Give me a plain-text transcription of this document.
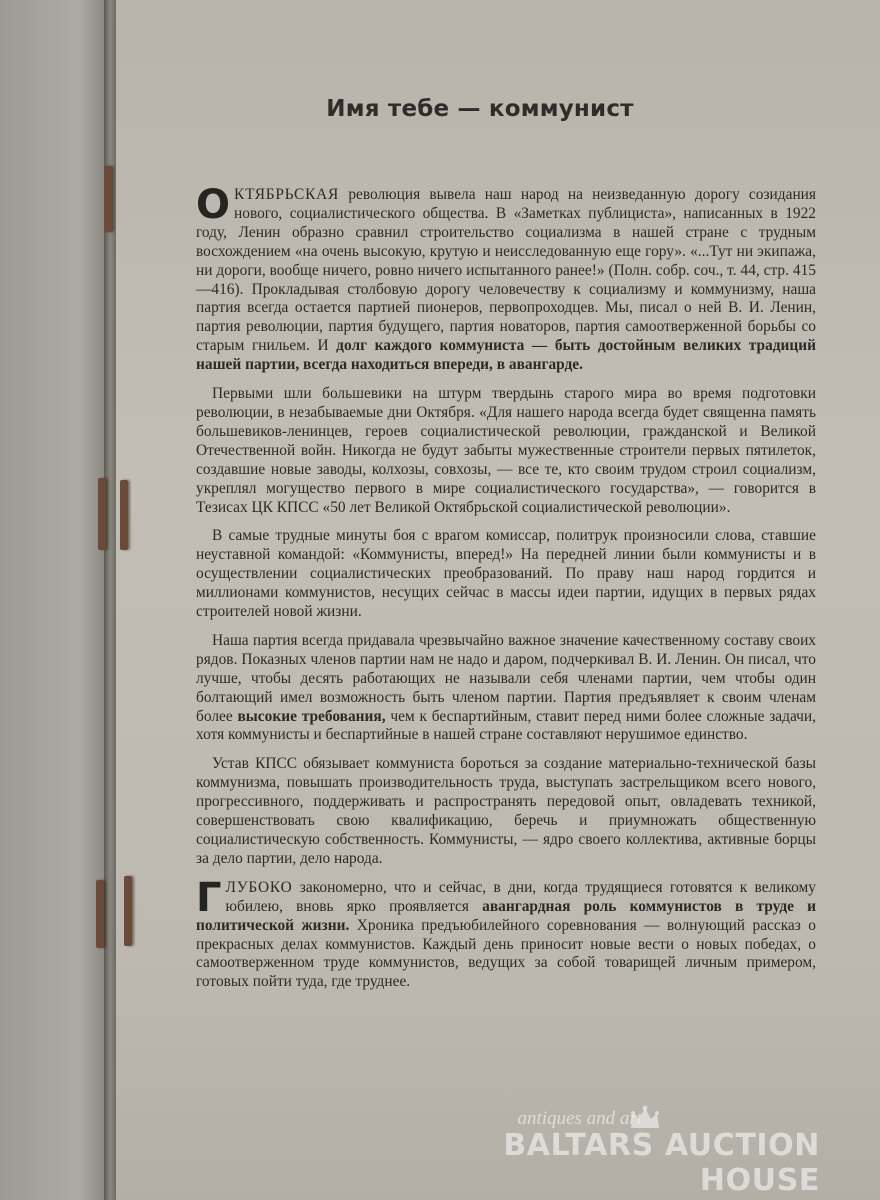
Имя тебе — коммунист

ОКТЯБРЬСКАЯ революция вывела наш народ на неизведанную дорогу созидания нового, социалистического общества. В «Заметках публициста», написанных в 1922 году, Ленин образно сравнил строительство социализма в нашей стране с трудным восхождением «на очень высокую, крутую и неисследованную еще гору». «...Тут ни экипажа, ни дороги, вообще ничего, ровно ничего испытанного ранее!» (Полн. собр. соч., т. 44, стр. 415—416). Прокладывая столбовую дорогу человечеству к социализму и коммунизму, наша партия всегда остается партией пионеров, первопроходцев. Мы, писал о ней В. И. Ленин, партия революции, партия будущего, партия новаторов, партия самоотверженной борьбы со старым гнильем. И долг каждого коммуниста — быть достойным великих традиций нашей партии, всегда находиться впереди, в авангарде.

Первыми шли большевики на штурм твердынь старого мира во время подготовки революции, в незабываемые дни Октября. «Для нашего народа всегда будет священна память большевиков-ленинцев, героев социалистической революции, гражданской и Великой Отечественной войн. Никогда не будут забыты мужественные строители первых пятилеток, создавшие новые заводы, колхозы, совхозы, — все те, кто своим трудом строил социализм, укреплял могущество первого в мире социалистического государства», — говорится в Тезисах ЦК КПСС «50 лет Великой Октябрьской социалистической революции».

В самые трудные минуты боя с врагом комиссар, политрук произносили слова, ставшие неуставной командой: «Коммунисты, вперед!» На передней линии были коммунисты и в осуществлении социалистических преобразований. По праву наш народ гордится и миллионами коммунистов, несущих сейчас в массы идеи партии, идущих в первых рядах строителей новой жизни.

Наша партия всегда придавала чрезвычайно важное значение качественному составу своих рядов. Показных членов партии нам не надо и даром, подчеркивал В. И. Ленин. Он писал, что лучше, чтобы десять работающих не называли себя членами партии, чем чтобы один болтающий имел возможность быть членом партии. Партия предъявляет к своим членам более высокие требования, чем к беспартийным, ставит перед ними более сложные задачи, хотя коммунисты и беспартийные в нашей стране составляют нерушимое единство.

Устав КПСС обязывает коммуниста бороться за создание материально-технической базы коммунизма, повышать производительность труда, выступать застрельщиком всего нового, прогрессивного, поддерживать и распространять передовой опыт, овладевать техникой, совершенствовать свою квалификацию, беречь и приумножать общественную социалистическую собственность. Коммунисты, — ядро своего коллектива, активные борцы за дело партии, дело народа.

ГЛУБОКО закономерно, что и сейчас, в дни, когда трудящиеся готовятся к великому юбилею, вновь ярко проявляется авангардная роль коммунистов в труде и политической жизни. Хроника предъюбилейного соревнования — волнующий рассказ о прекрасных делах коммунистов. Каждый день приносит новые вести о новых победах, о самоотверженном труде коммунистов, ведущих за собой товарищей личным примером, готовых пойти туда, где труднее.

antiques and art
BALTARS AUCTION HOUSE
